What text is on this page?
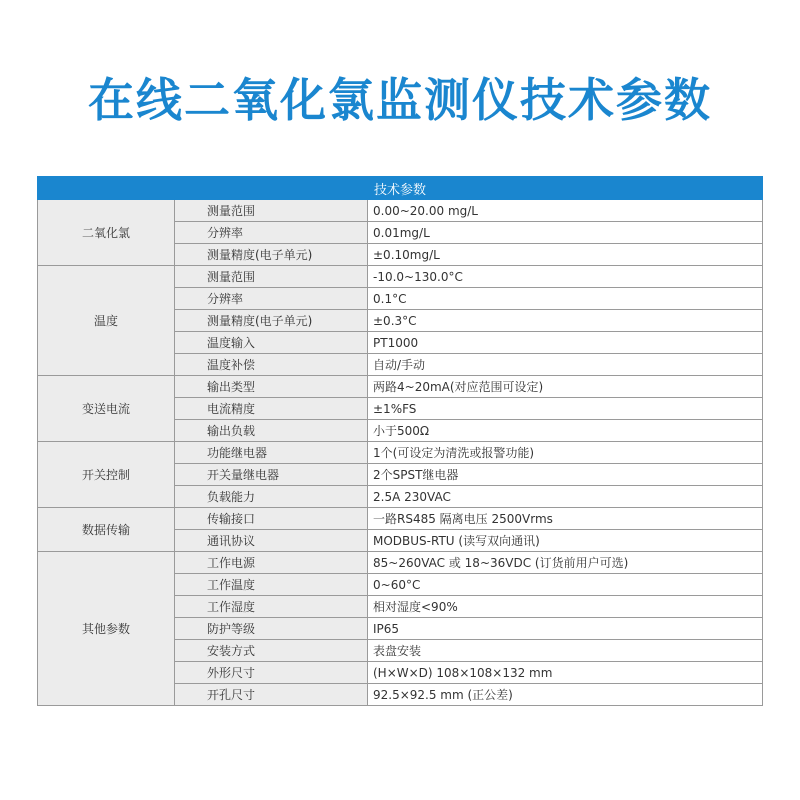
在线二氧化氯监测仪技术参数
技术参数		
二氧化氯	测量范围	0.00~20.00 mg/L
	分辨率	0.01mg/L
	测量精度(电子单元)	±0.10mg/L
温度	测量范围	-10.0~130.0°C
	分辨率	0.1°C
	测量精度(电子单元)	±0.3°C
	温度输入	PT1000
	温度补偿	自动/手动
变送电流	输出类型	两路4~20mA(对应范围可设定)
	电流精度	±1%FS
	输出负载	小于500Ω
开关控制	功能继电器	1个(可设定为清洗或报警功能)
	开关量继电器	2个SPST继电器
	负载能力	2.5A 230VAC
数据传输	传输接口	一路RS485 隔离电压 2500Vrms
	通讯协议	MODBUS-RTU (读写双向通讯)
其他参数	工作电源	85~260VAC 或 18~36VDC (订货前用户可选)
	工作温度	0~60°C
	工作湿度	相对湿度<90%
	防护等级	IP65
	安装方式	表盘安装
	外形尺寸	(H×W×D) 108×108×132 mm
	开孔尺寸	92.5×92.5 mm (正公差)
